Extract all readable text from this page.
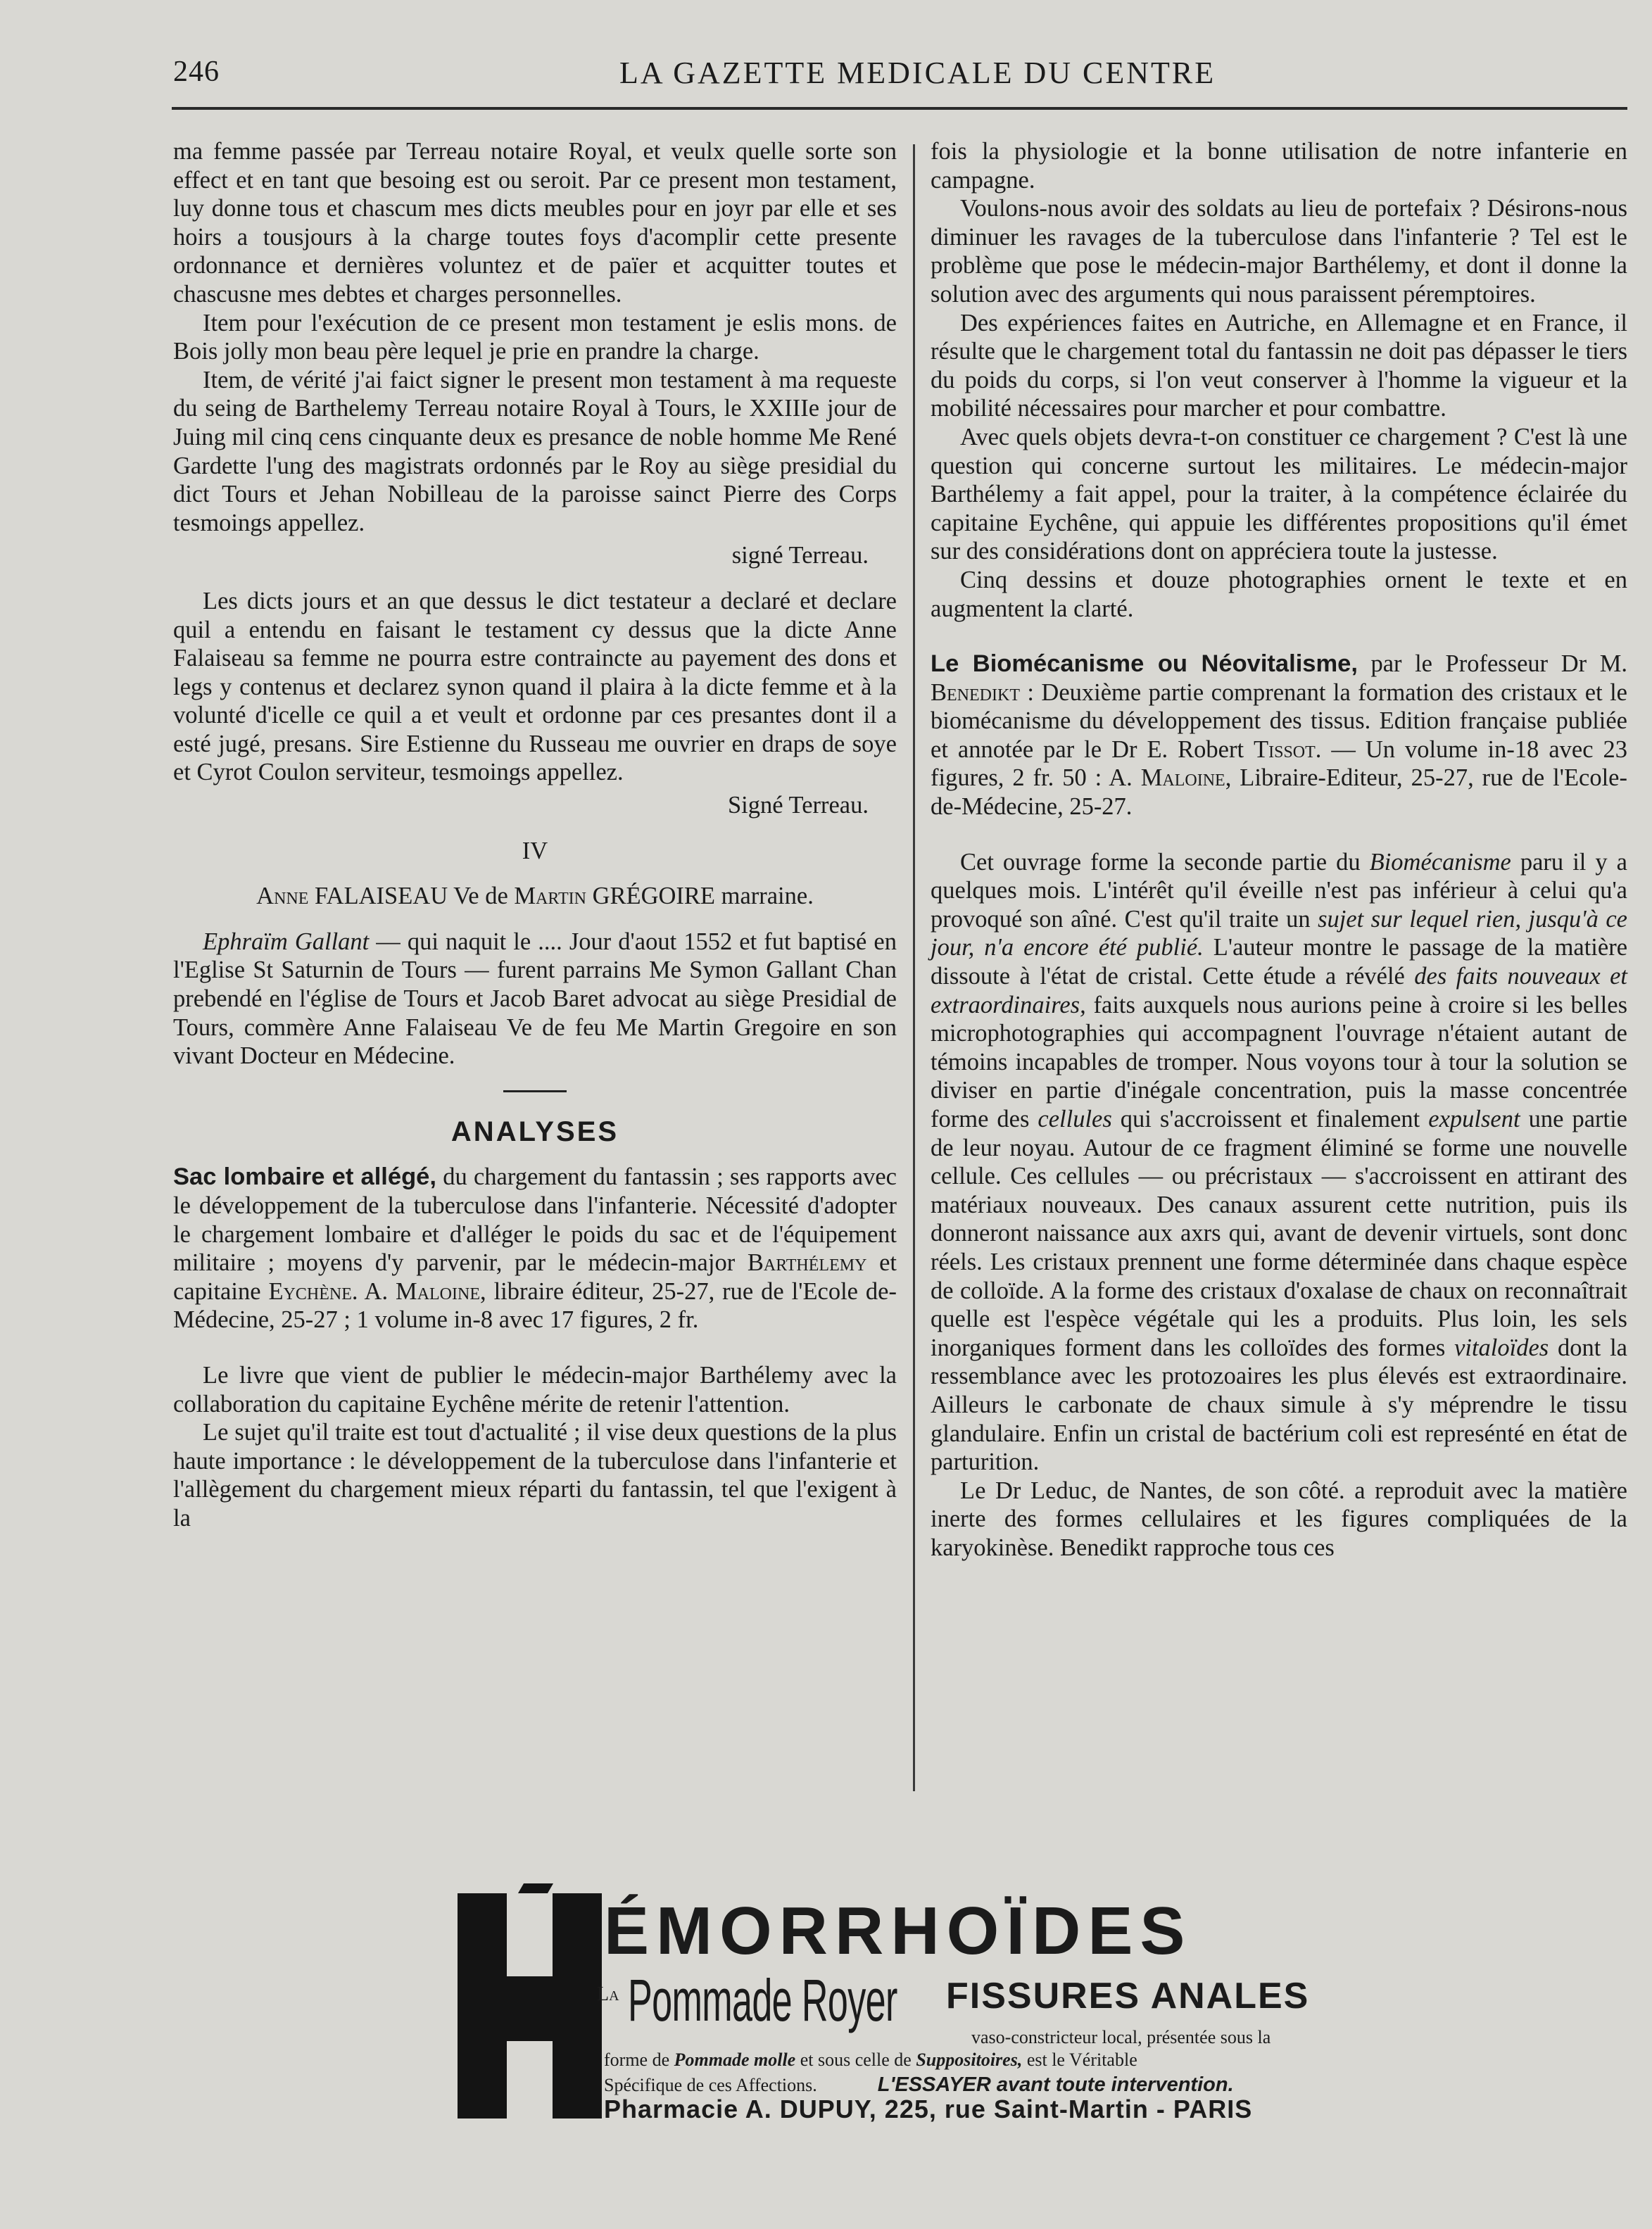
246	LA GAZETTE MEDICALE DU CENTRE

ma femme passée par Terreau notaire Royal, et veulx quelle sorte son effect et en tant que besoing est ou seroit. Par ce present mon testament, luy donne tous et chascum mes dicts meubles pour en joyr par elle et ses hoirs a tousjours à la charge toutes foys d'acomplir cette presente ordonnance et dernières voluntez et de païer et acquitter toutes et chascusne mes debtes et charges personnelles.

Item pour l'exécution de ce present mon testament je eslis mons. de Bois jolly mon beau père lequel je prie en prandre la charge.

Item, de vérité j'ai faict signer le present mon testament à ma requeste du seing de Barthelemy Terreau notaire Royal à Tours, le XXIIIe jour de Juing mil cinq cens cinquante deux es presance de noble homme Me René Gardette l'ung des magistrats ordonnés par le Roy au siège presidial du dict Tours et Jehan Nobilleau de la paroisse sainct Pierre des Corps tesmoings appellez.

signé Terreau.

Les dicts jours et an que dessus le dict testateur a declaré et declare quil a entendu en faisant le testament cy dessus que la dicte Anne Falaiseau sa femme ne pourra estre contraincte au payement des dons et legs y contenus et declarez synon quand il plaira à la dicte femme et à la volunté d'icelle ce quil a et veult et ordonne par ces presantes dont il a esté jugé, presans. Sire Estienne du Russeau me ouvrier en draps de soye et Cyrot Coulon serviteur, tesmoings appellez.

Signé Terreau.

IV

Anne FALAISEAU Ve de Martin GRÉGOIRE marraine.

Ephraïm Gallant — qui naquit le .... Jour d'aout 1552 et fut baptisé en l'Eglise St Saturnin de Tours — furent parrains Me Symon Gallant Chan prebendé en l'église de Tours et Jacob Baret advocat au siège Presidial de Tours, commère Anne Falaiseau Ve de feu Me Martin Gregoire en son vivant Docteur en Médecine.

ANALYSES

Sac lombaire et allégé, du chargement du fantassin ; ses rapports avec le développement de la tuberculose dans l'infanterie. Nécessité d'adopter le chargement lombaire et d'alléger le poids du sac et de l'équipement militaire ; moyens d'y parvenir, par le médecin-major Barthélemy et capitaine Eychène. A. Maloine, libraire éditeur, 25-27, rue de l'Ecole de-Médecine, 25-27 ; 1 volume in-8 avec 17 figures, 2 fr.

Le livre que vient de publier le médecin-major Barthélemy avec la collaboration du capitaine Eychêne mérite de retenir l'attention.

Le sujet qu'il traite est tout d'actualité ; il vise deux questions de la plus haute importance : le développement de la tuberculose dans l'infanterie et l'allègement du chargement mieux réparti du fantassin, tel que l'exigent à la

fois la physiologie et la bonne utilisation de notre infanterie en campagne.

Voulons-nous avoir des soldats au lieu de portefaix ? Désirons-nous diminuer les ravages de la tuberculose dans l'infanterie ? Tel est le problème que pose le médecin-major Barthélemy, et dont il donne la solution avec des arguments qui nous paraissent péremptoires.

Des expériences faites en Autriche, en Allemagne et en France, il résulte que le chargement total du fantassin ne doit pas dépasser le tiers du poids du corps, si l'on veut conserver à l'homme la vigueur et la mobilité nécessaires pour marcher et pour combattre.

Avec quels objets devra-t-on constituer ce chargement ? C'est là une question qui concerne surtout les militaires. Le médecin-major Barthélemy a fait appel, pour la traiter, à la compétence éclairée du capitaine Eychêne, qui appuie les différentes propositions qu'il émet sur des considérations dont on appréciera toute la justesse.

Cinq dessins et douze photographies ornent le texte et en augmentent la clarté.

Le Biomécanisme ou Néovitalisme, par le Professeur Dr M. Benedikt : Deuxième partie comprenant la formation des cristaux et le biomécanisme du développement des tissus. Edition française publiée et annotée par le Dr E. Robert Tissot. — Un volume in-18 avec 23 figures, 2 fr. 50 : A. Maloine, Libraire-Editeur, 25-27, rue de l'Ecole-de-Médecine, 25-27.

Cet ouvrage forme la seconde partie du Biomécanisme paru il y a quelques mois. L'intérêt qu'il éveille n'est pas inférieur à celui qu'a provoqué son aîné. C'est qu'il traite un sujet sur lequel rien, jusqu'à ce jour, n'a encore été publié. L'auteur montre le passage de la matière dissoute à l'état de cristal. Cette étude a révélé des faits nouveaux et extraordinaires, faits auxquels nous aurions peine à croire si les belles microphotographies qui accompagnent l'ouvrage n'étaient autant de témoins incapables de tromper. Nous voyons tour à tour la solution se diviser en partie d'inégale concentration, puis la masse concentrée forme des cellules qui s'accroissent et finalement expulsent une partie de leur noyau. Autour de ce fragment éliminé se forme une nouvelle cellule. Ces cellules — ou précristaux — s'accroissent en attirant des matériaux nouveaux. Des canaux assurent cette nutrition, puis ils donneront naissance aux axrs qui, avant de devenir virtuels, sont donc réels. Les cristaux prennent une forme déterminée dans chaque espèce de colloïde. A la forme des cristaux d'oxalase de chaux on reconnaîtrait quelle est l'espèce végétale qui les a produits. Plus loin, les sels inorganiques forment dans les colloïdes des formes vitaloïdes dont la ressemblance avec les protozoaires les plus élevés est extraordinaire. Ailleurs le carbonate de chaux simule à s'y méprendre le tissu glandulaire. Enfin un cristal de bactérium coli est represénté en état de parturition.

Le Dr Leduc, de Nantes, de son côté. a reproduit avec la matière inerte des formes cellulaires et les figures compliquées de la karyokinèse. Benedikt rapproche tous ces

ÉMORRHOÏDES
La Pommade Royer FISSURES ANALES
vaso-constricteur local, présentée sous la
forme de Pommade molle et sous celle de Suppositoires, est le Véritable
Spécifique de ces Affections.	L'ESSAYER avant toute intervention.
Pharmacie A. DUPUY, 225, rue Saint-Martin - PARIS
